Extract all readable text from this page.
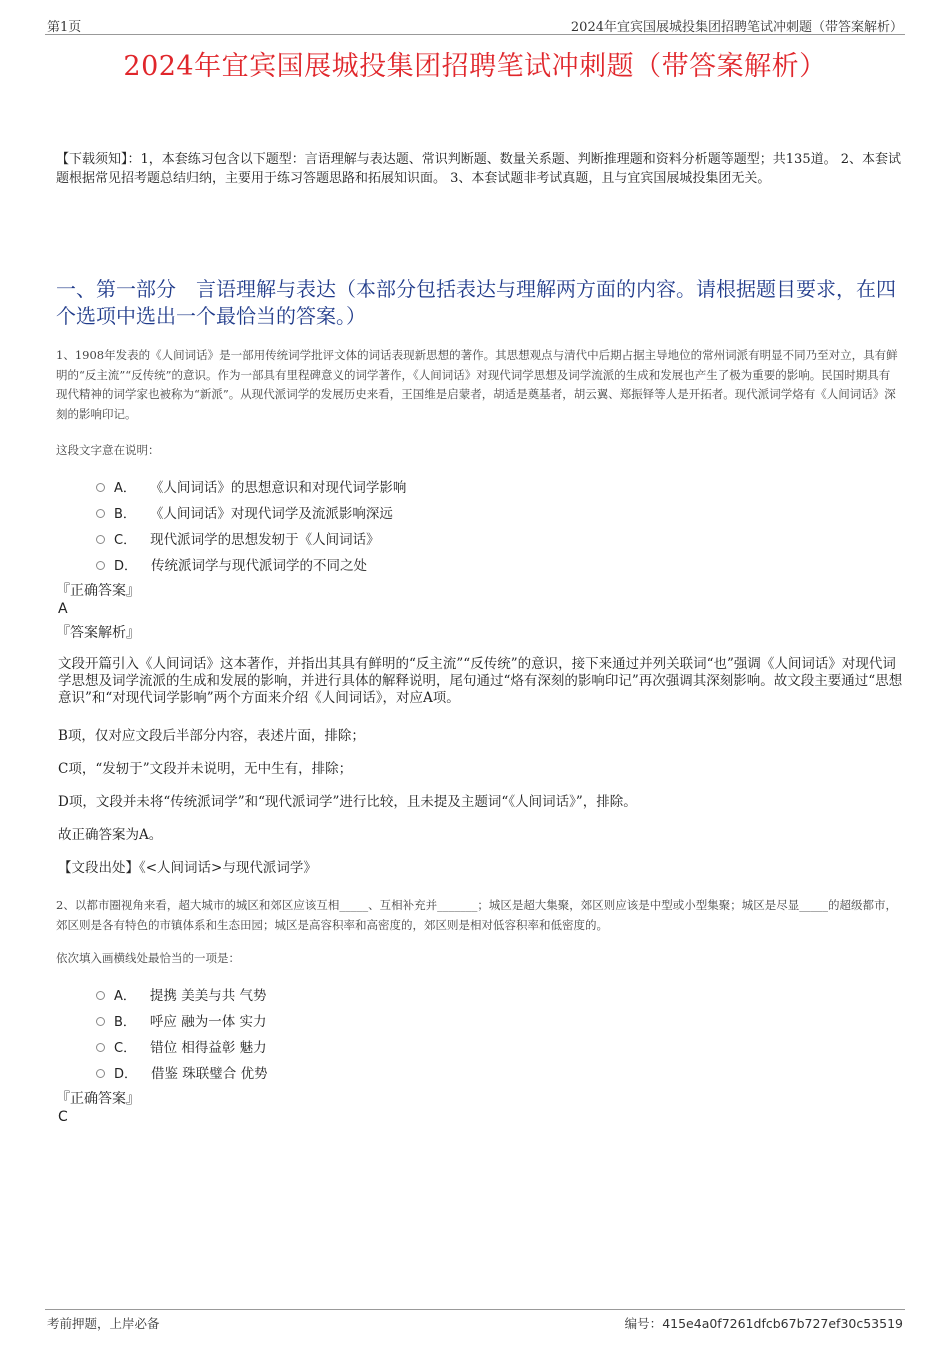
第1页	2024年宜宾国展城投集团招聘笔试冲刺题（带答案解析）
2024年宜宾国展城投集团招聘笔试冲刺题（带答案解析）
【下载须知】：1，本套练习包含以下题型：言语理解与表达题、常识判断题、数量关系题、判断推理题和资料分析题等题型；共135道。 2、本套试题根据常见招考题总结归纳，主要用于练习答题思路和拓展知识面。 3、本套试题非考试真题，且与宜宾国展城投集团无关。
一、第一部分　言语理解与表达（本部分包括表达与理解两方面的内容。请根据题目要求，在四个选项中选出一个最恰当的答案。）
1、1908年发表的《人间词话》是一部用传统词学批评文体的词话表现新思想的著作。其思想观点与清代中后期占据主导地位的常州词派有明显不同乃至对立，具有鲜明的“反主流”“反传统”的意识。作为一部具有里程碑意义的词学著作，《人间词话》对现代词学思想及词学流派的生成和发展也产生了极为重要的影响。民国时期具有现代精神的词学家也被称为“新派”。从现代派词学的发展历史来看，王国维是启蒙者，胡适是奠基者，胡云翼、郑振铎等人是开拓者。现代派词学烙有《人间词话》深刻的影响印记。
这段文字意在说明：
A． 《人间词话》的思想意识和对现代词学影响
B． 《人间词话》对现代词学及流派影响深远
C． 现代派词学的思想发轫于《人间词话》
D． 传统派词学与现代派词学的不同之处
『正确答案』
A
『答案解析』
文段开篇引入《人间词话》这本著作，并指出其具有鲜明的“反主流”“反传统”的意识，接下来通过并列关联词“也”强调《人间词话》对现代词学思想及词学流派的生成和发展的影响，并进行具体的解释说明，尾句通过“烙有深刻的影响印记”再次强调其深刻影响。故文段主要通过“思想意识”和“对现代词学影响”两个方面来介绍《人间词话》，对应A项。
B项，仅对应文段后半部分内容，表述片面，排除；
C项，“发轫于”文段并未说明，无中生有，排除；
D项，文段并未将“传统派词学”和“现代派词学”进行比较，且未提及主题词“《人间词话》”，排除。
故正确答案为A。
【文段出处】《<人间词话>与现代派词学》
2、以都市圈视角来看，超大城市的城区和郊区应该互相_____、互相补充并_______；城区是超大集聚，郊区则应该是中型或小型集聚；城区是尽显_____的超级都市，郊区则是各有特色的市镇体系和生态田园；城区是高容积率和高密度的，郊区则是相对低容积率和低密度的。
依次填入画横线处最恰当的一项是：
A． 提携 美美与共 气势
B． 呼应 融为一体 实力
C． 错位 相得益彰 魅力
D． 借鉴 珠联璧合 优势
『正确答案』
C
考前押题，上岸必备	编号：415e4a0f7261dfcb67b727ef30c53519
